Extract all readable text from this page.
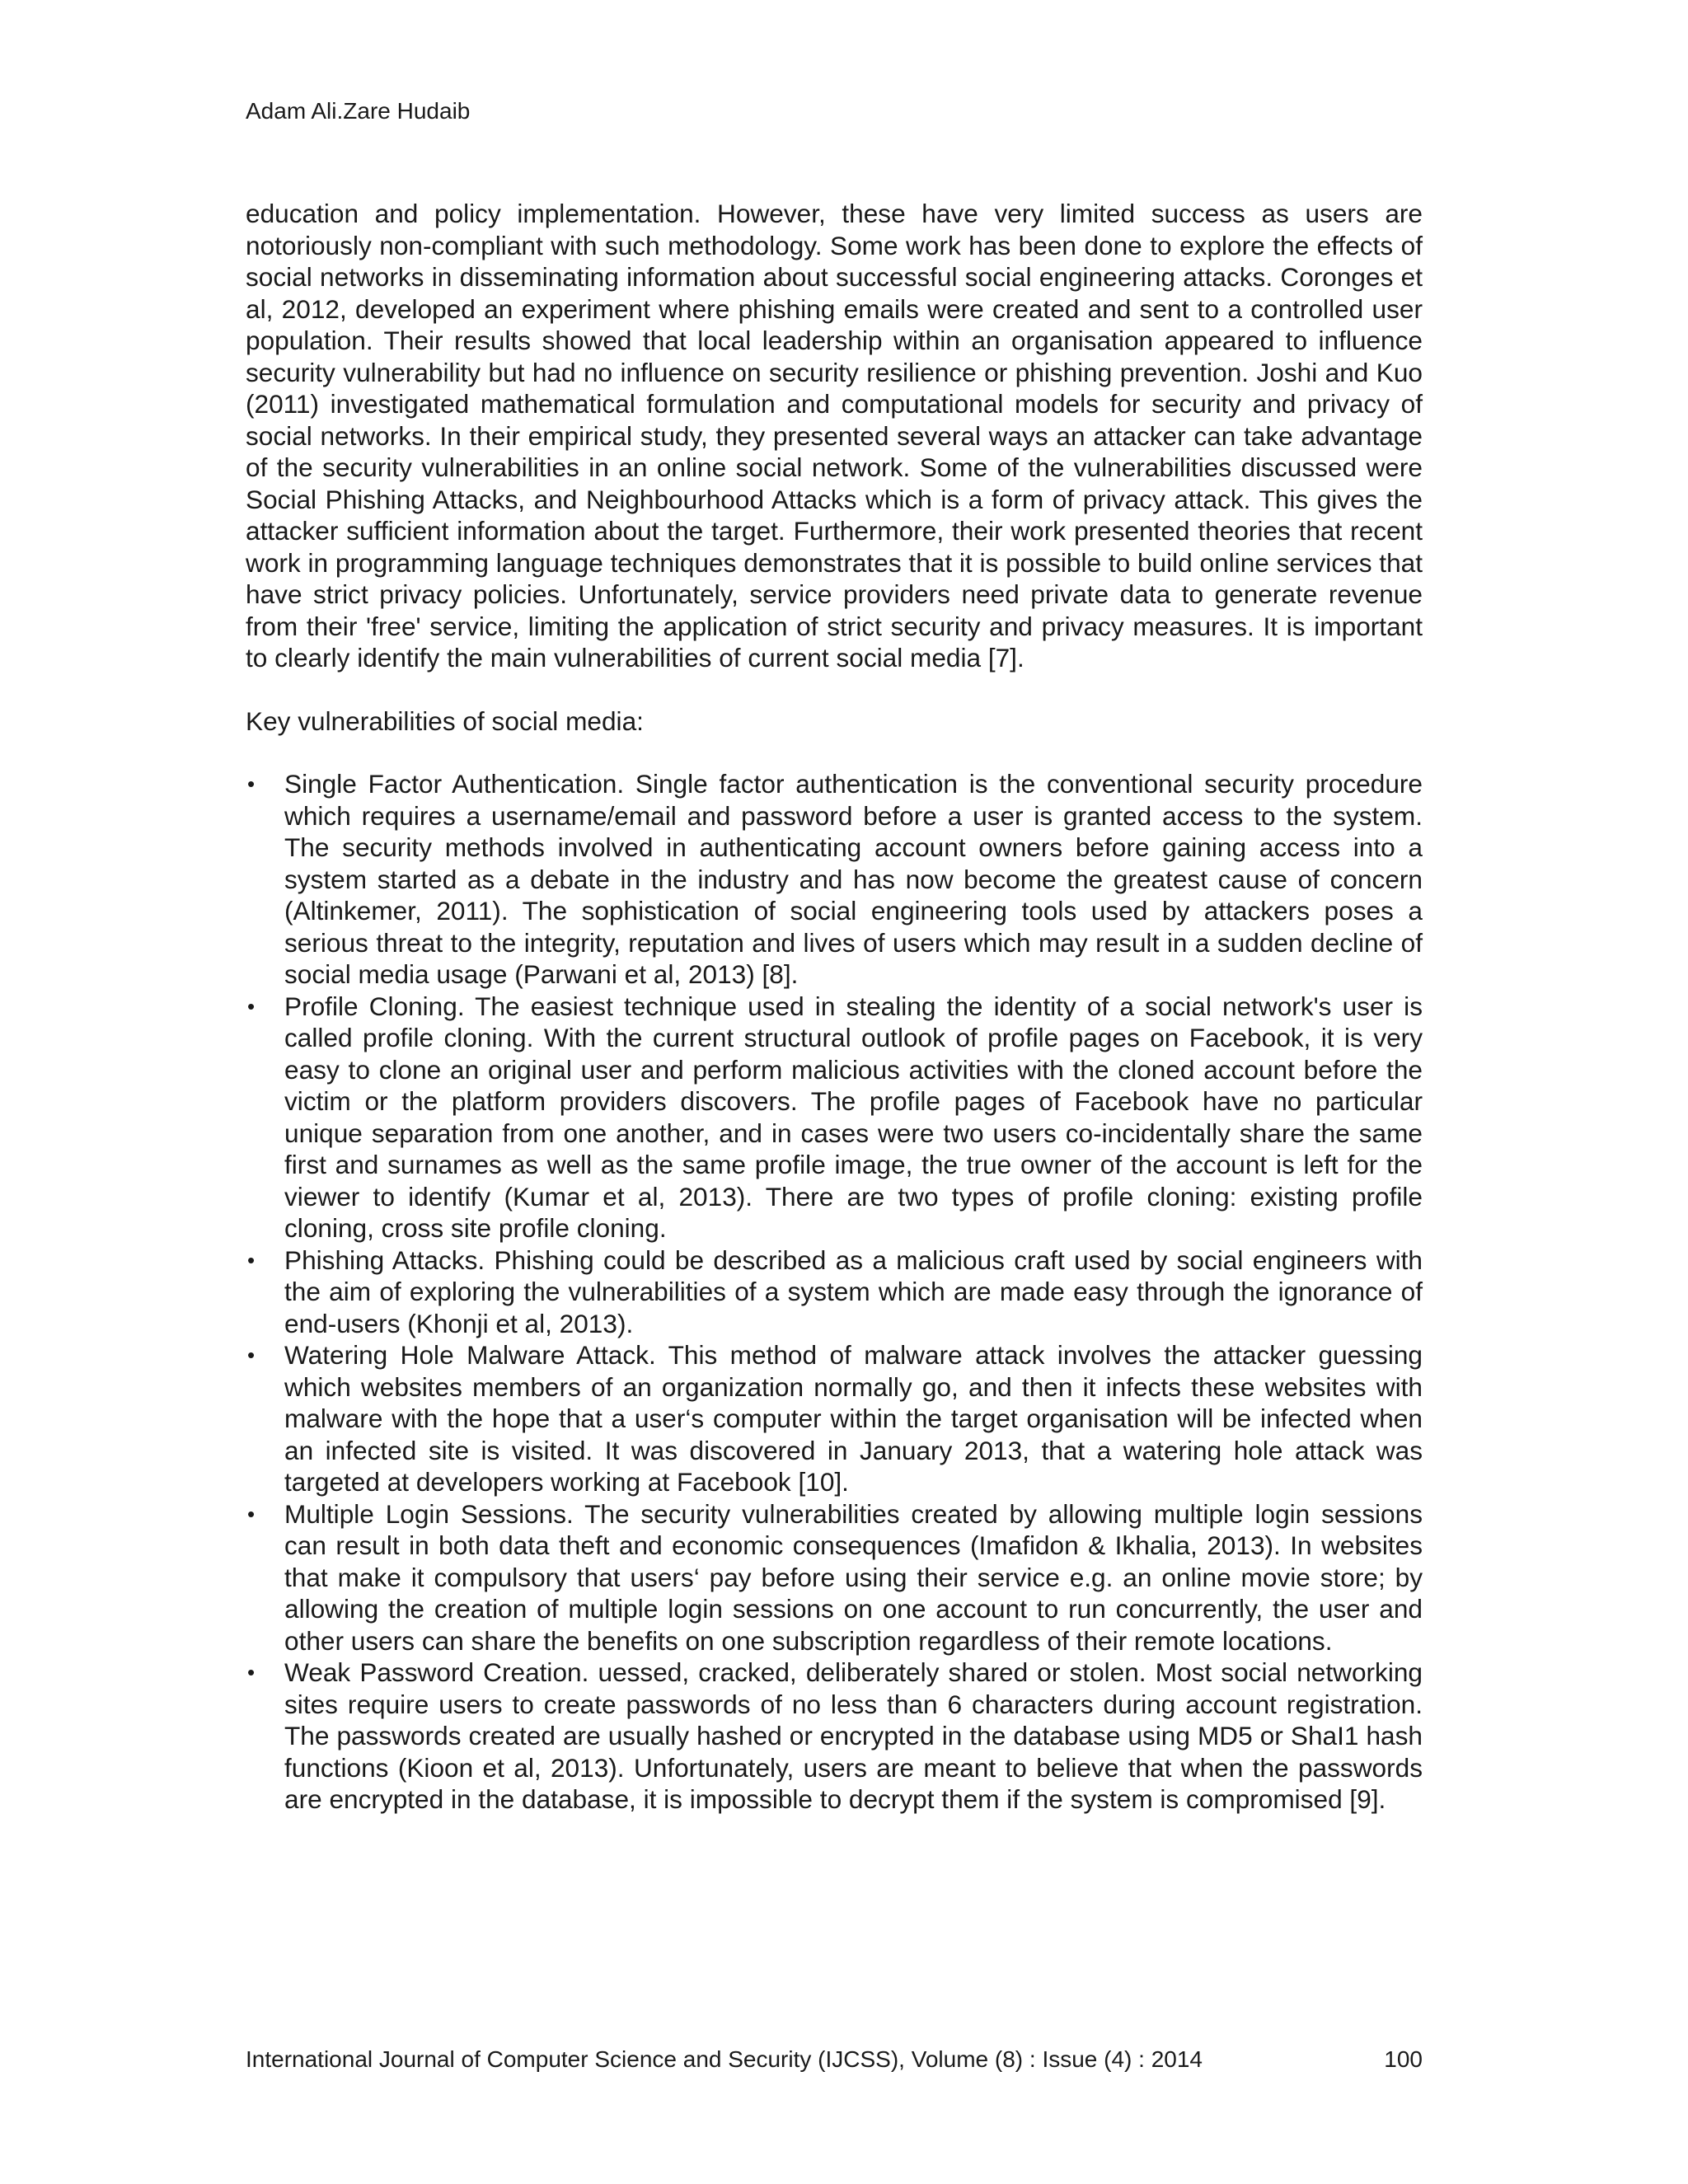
Adam Ali.Zare Hudaib

education and policy implementation. However, these have very limited success as users are notoriously non-compliant with such methodology. Some work has been done to explore the effects of social networks in disseminating information about successful social engineering attacks. Coronges et al, 2012, developed an experiment where phishing emails were created and sent to a controlled user population. Their results showed that local leadership within an organisation appeared to influence security vulnerability but had no influence on security resilience or phishing prevention. Joshi and Kuo (2011) investigated mathematical formulation and computational models for security and privacy of social networks. In their empirical study, they presented several ways an attacker can take advantage of the security vulnerabilities in an online social network. Some of the vulnerabilities discussed were Social Phishing Attacks, and Neighbourhood Attacks which is a form of privacy attack. This gives the attacker sufficient information about the target. Furthermore, their work presented theories that recent work in programming language techniques demonstrates that it is possible to build online services that have strict privacy policies. Unfortunately, service providers need private data to generate revenue from their 'free' service, limiting the application of strict security and privacy measures. It is important to clearly identify the main vulnerabilities of current social media [7].

Key vulnerabilities of social media:

• Single Factor Authentication. Single factor authentication is the conventional security procedure which requires a username/email and password before a user is granted access to the system. The security methods involved in authenticating account owners before gaining access into a system started as a debate in the industry and has now become the greatest cause of concern (Altinkemer, 2011). The sophistication of social engineering tools used by attackers poses a serious threat to the integrity, reputation and lives of users which may result in a sudden decline of social media usage (Parwani et al, 2013) [8].
• Profile Cloning. The easiest technique used in stealing the identity of a social network's user is called profile cloning. With the current structural outlook of profile pages on Facebook, it is very easy to clone an original user and perform malicious activities with the cloned account before the victim or the platform providers discovers. The profile pages of Facebook have no particular unique separation from one another, and in cases were two users co-incidentally share the same first and surnames as well as the same profile image, the true owner of the account is left for the viewer to identify (Kumar et al, 2013). There are two types of profile cloning: existing profile cloning, cross site profile cloning.
• Phishing Attacks. Phishing could be described as a malicious craft used by social engineers with the aim of exploring the vulnerabilities of a system which are made easy through the ignorance of end-users (Khonji et al, 2013).
• Watering Hole Malware Attack. This method of malware attack involves the attacker guessing which websites members of an organization normally go, and then it infects these websites with malware with the hope that a user‘s computer within the target organisation will be infected when an infected site is visited. It was discovered in January 2013, that a watering hole attack was targeted at developers working at Facebook [10].
• Multiple Login Sessions. The security vulnerabilities created by allowing multiple login sessions can result in both data theft and economic consequences (Imafidon & Ikhalia, 2013). In websites that make it compulsory that users‘ pay before using their service e.g. an online movie store; by allowing the creation of multiple login sessions on one account to run concurrently, the user and other users can share the benefits on one subscription regardless of their remote locations.
• Weak Password Creation. uessed, cracked, deliberately shared or stolen. Most social networking sites require users to create passwords of no less than 6 characters during account registration. The passwords created are usually hashed or encrypted in the database using MD5 or ShaI1 hash functions (Kioon et al, 2013). Unfortunately, users are meant to believe that when the passwords are encrypted in the database, it is impossible to decrypt them if the system is compromised [9].
International Journal of Computer Science and Security (IJCSS), Volume (8) : Issue (4) : 2014	100
